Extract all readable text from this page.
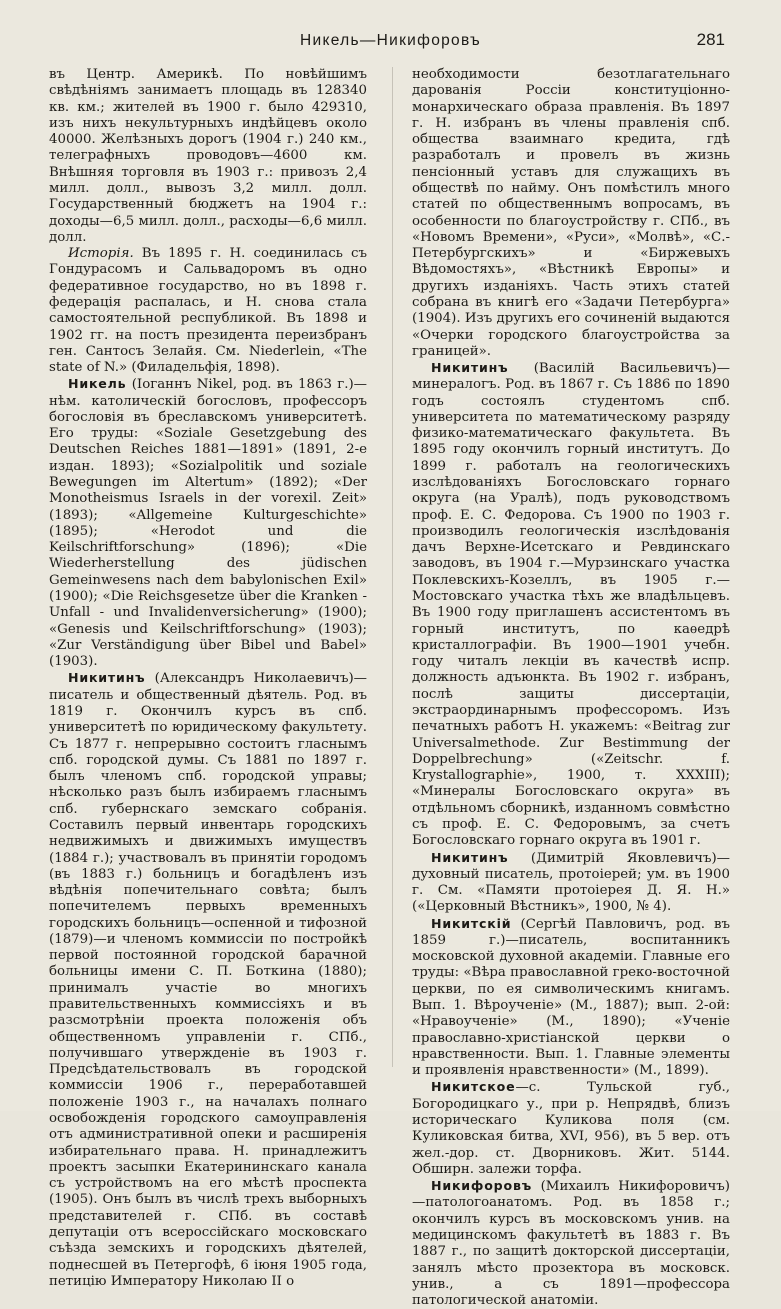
Никель—Никифоровъ	281

въ Центр. Америкѣ. По новѣйшимъ свѣдѣніямъ занимаетъ площадь въ 128340 кв. км.; жителей въ 1900 г. было 429310, изъ нихъ некультурныхъ индѣйцевъ около 40000. Желѣзныхъ дорогъ (1904 г.) 240 км., телеграфныхъ проводовъ—4600 км. Внѣшняя торговля въ 1903 г.: привозъ 2,4 милл. долл., вывозъ 3,2 милл. долл. Государственный бюджетъ на 1904 г.: доходы—6,5 милл. долл., расходы—6,6 милл. долл.

Исторія. Въ 1895 г. Н. соединилась съ Гондурасомъ и Сальвадоромъ въ одно федеративное государство, но въ 1898 г. федерація распалась, и Н. снова стала самостоятельной республикой. Въ 1898 и 1902 гг. на постъ президента переизбранъ ген. Сантосъ Зелайя. См. Niederlein, «The state of N.» (Филадельфія, 1898).

Никель (Іоганнъ Nikel, род. въ 1863 г.)—нѣм. католическій богословъ, профессоръ богословія въ бреславскомъ университетѣ. Его труды: «Soziale Gesetzgebung des Deutschen Reiches 1881—1891» (1891, 2-е издан. 1893); «Sozialpolitik und soziale Bewegungen im Altertum» (1892); «Der Monotheismus Israels in der vorexil. Zeit» (1893); «Allgemeine Kulturgeschichte» (1895); «Herodot und die Keilschriftforschung» (1896); «Die Wiederherstellung des jüdischen Gemeinwesens nach dem babylonischen Exil» (1900); «Die Reichsgesetze über die Kranken - Unfall - und Invalidenversicherung» (1900); «Genesis und Keilschriftforschung» (1903); «Zur Verständigung über Bibel und Babel» (1903).

Никитинъ (Александръ Николаевичъ)—писатель и общественный дѣятель. Род. въ 1819 г. Окончилъ курсъ въ спб. университетѣ по юридическому факультету. Съ 1877 г. непрерывно состоитъ гласнымъ спб. городской думы. Съ 1881 по 1897 г. былъ членомъ спб. городской управы; нѣсколько разъ былъ избираемъ гласнымъ спб. губернскаго земскаго собранія. Составилъ первый инвентарь городскихъ недвижимыхъ и движимыхъ имуществъ (1884 г.); участвовалъ въ принятіи городомъ (въ 1883 г.) больницъ и богадѣленъ изъ вѣдѣнія попечительнаго совѣта; былъ попечителемъ первыхъ временныхъ городскихъ больницъ—оспенной и тифозной (1879)—и членомъ коммиссіи по постройкѣ первой постоянной городской барачной больницы имени С. П. Боткина (1880); принималъ участіе во многихъ правительственныхъ коммиссіяхъ и въ разсмотрѣніи проекта положенія объ общественномъ управленіи г. СПб., получившаго утвержденіе въ 1903 г. Предсѣдательствовалъ въ городской коммиссіи 1906 г., переработавшей положеніе 1903 г., на началахъ полнаго освобожденія городского самоуправленія отъ административной опеки и расширенія избирательнаго права. Н. принадлежитъ проектъ засыпки Екатерининскаго канала съ устройствомъ на его мѣстѣ проспекта (1905). Онъ былъ въ числѣ трехъ выборныхъ представителей г. СПб. въ составѣ депутаціи отъ всероссійскаго московскаго съѣзда земскихъ и городскихъ дѣятелей, поднесшей въ Петергофѣ, 6 іюня 1905 года, петицію Императору Николаю II о

необходимости безотлагательнаго дарованія Россіи конституціонно-монархическаго образа правленія. Въ 1897 г. Н. избранъ въ члены правленія спб. общества взаимнаго кредита, гдѣ разработалъ и провелъ въ жизнь пенсіонный уставъ для служащихъ въ обществѣ по найму. Онъ помѣстилъ много статей по общественнымъ вопросамъ, въ особенности по благоустройству г. СПб., въ «Новомъ Времени», «Руси», «Молвѣ», «С.-Петербургскихъ» и «Биржевыхъ Вѣдомостяхъ», «Вѣстникѣ Европы» и другихъ изданіяхъ. Часть этихъ статей собрана въ книгѣ его «Задачи Петербурга» (1904). Изъ другихъ его сочиненій выдаются «Очерки городского благоустройства за границей».

Никитинъ (Василій Васильевичъ)—минералогъ. Род. въ 1867 г. Съ 1886 по 1890 годъ состоялъ студентомъ спб. университета по математическому разряду физико-математическаго факультета. Въ 1895 году окончилъ горный институтъ. До 1899 г. работалъ на геологическихъ изслѣдованіяхъ Богословскаго горнаго округа (на Уралѣ), подъ руководствомъ проф. Е. С. Федорова. Съ 1900 по 1903 г. производилъ геологическія изслѣдованія дачъ Верхне-Исетскаго и Ревдинскаго заводовъ, въ 1904 г.—Мурзинскаго участка Поклевскихъ-Козеллъ, въ 1905 г.—Мостовскаго участка тѣхъ же владѣльцевъ. Въ 1900 году приглашенъ ассистентомъ въ горный институтъ, по каѳедрѣ кристаллографіи. Въ 1900—1901 учебн. году читалъ лекціи въ качествѣ испр. должность адъюнкта. Въ 1902 г. избранъ, послѣ защиты диссертаціи, экстраординарнымъ профессоромъ. Изъ печатныхъ работъ Н. укажемъ: «Beitrag zur Universalmethode. Zur Bestimmung der Doppelbrechung» («Zeitschr. f. Krystallographie», 1900, т. XXXIII); «Минералы Богословскаго округа» въ отдѣльномъ сборникѣ, изданномъ совмѣстно съ проф. Е. С. Федоровымъ, за счетъ Богословскаго горнаго округа въ 1901 г.

Никитинъ (Димитрій Яковлевичъ)—духовный писатель, протоіерей; ум. въ 1900 г. См. «Памяти протоіерея Д. Я. Н.» («Церковный Вѣстникъ», 1900, № 4).

Никитскій (Сергѣй Павловичъ, род. въ 1859 г.)—писатель, воспитанникъ московской духовной академіи. Главные его труды: «Вѣра православной греко-восточной церкви, по ея символическимъ книгамъ. Вып. 1. Вѣроученіе» (М., 1887); вып. 2-ой: «Нравоученіе» (М., 1890); «Ученіе православно-христіанской церкви о нравственности. Вып. 1. Главные элементы и проявленія нравственности» (М., 1899).

Никитское—с. Тульской губ., Богородицкаго у., при р. Непрядвѣ, близъ историческаго Куликова поля (см. Куликовская битва, XVI, 956), въ 5 вер. отъ жел.-дор. ст. Дворниковъ. Жит. 5144. Обширн. залежи торфа.

Никифоровъ (Михаилъ Никифоровичъ)—патологоанатомъ. Род. въ 1858 г.; окончилъ курсъ въ московскомъ унив. на медицинскомъ факультетѣ въ 1883 г. Въ 1887 г., по защитѣ докторской диссертаціи, занялъ мѣсто прозектора въ московск. унив., а съ 1891—профессора патологической анатоміи.
